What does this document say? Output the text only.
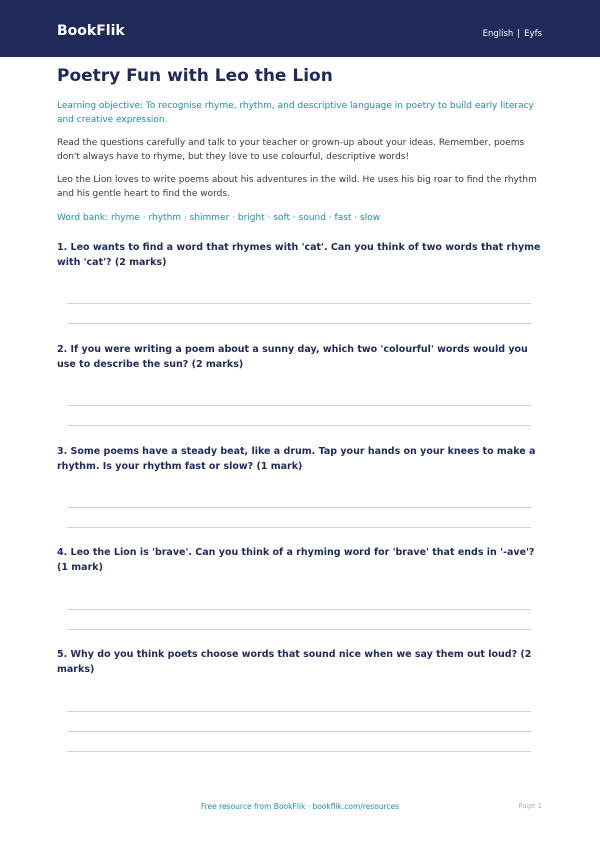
BookFlik	English | Eyfs
Poetry Fun with Leo the Lion
Learning objective: To recognise rhyme, rhythm, and descriptive language in poetry to build early literacy and creative expression.
Read the questions carefully and talk to your teacher or grown-up about your ideas. Remember, poems don't always have to rhyme, but they love to use colourful, descriptive words!
Leo the Lion loves to write poems about his adventures in the wild. He uses his big roar to find the rhythm and his gentle heart to find the words.
Word bank: rhyme · rhythm · shimmer · bright · soft · sound · fast · slow
1. Leo wants to find a word that rhymes with 'cat'. Can you think of two words that rhyme with 'cat'? (2 marks)
2. If you were writing a poem about a sunny day, which two 'colourful' words would you use to describe the sun? (2 marks)
3. Some poems have a steady beat, like a drum. Tap your hands on your knees to make a rhythm. Is your rhythm fast or slow? (1 mark)
4. Leo the Lion is 'brave'. Can you think of a rhyming word for 'brave' that ends in '-ave'? (1 mark)
5. Why do you think poets choose words that sound nice when we say them out loud? (2 marks)
Free resource from BookFlik · bookflik.com/resources	Page 1
